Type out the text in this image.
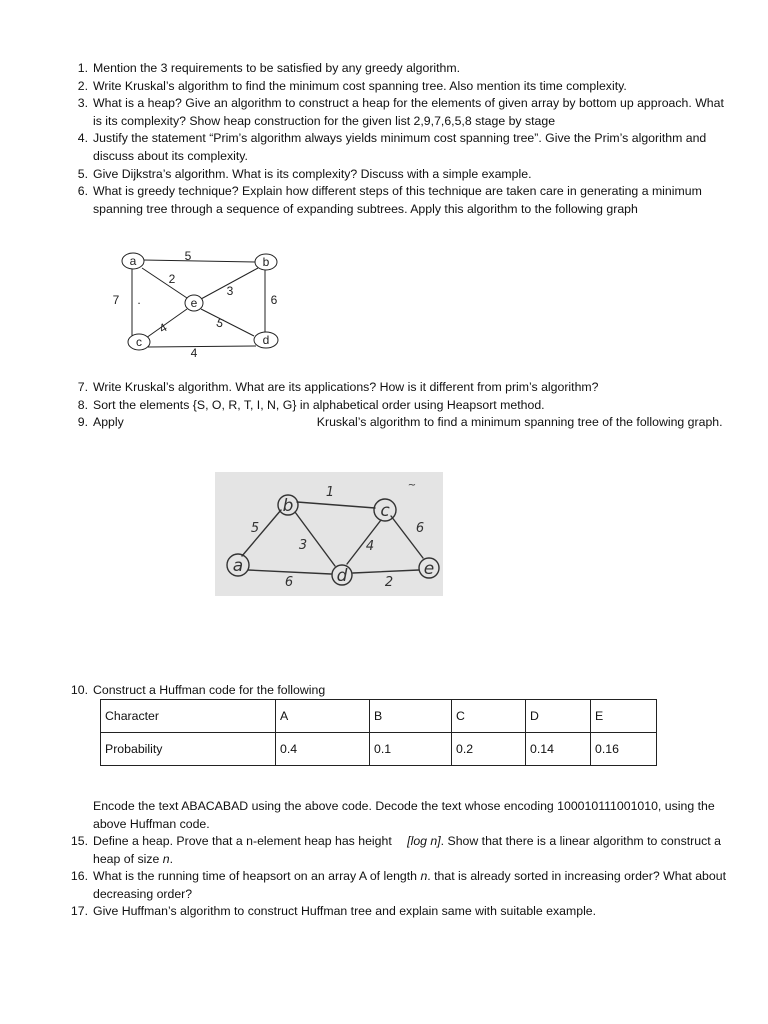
1. Mention the 3 requirements to be satisfied by any greedy algorithm.
2. Write Kruskal’s algorithm to find the minimum cost spanning tree. Also mention its time complexity.
3. What is a heap? Give an algorithm to construct a heap for the elements of given array by bottom up approach. What is its complexity? Show heap construction for the given list 2,9,7,6,5,8 stage by stage
4. Justify the statement “Prim’s algorithm always yields minimum cost spanning tree”. Give the Prim’s algorithm and discuss about its complexity.
5. Give Dijkstra’s algorithm. What is its complexity? Discuss with a simple example.
6. What is greedy technique? Explain how different steps of this technique are taken care in generating a minimum spanning tree through a sequence of expanding subtrees. Apply this algorithm to the following graph
a	b
e
c	d
5
2
3
7 .	6
4	5
4
7. Write Kruskal’s algorithm. What are its applications? How is it different from prim’s algorithm?
8. Sort the elements {S, O, R, T, I, N, G} in alphabetical order using Heapsort method.
9. Apply	Kruskal’s algorithm to find a minimum spanning tree of the following graph.
b	c
a	d	e
1
5
3	4
6
6	2
~
10. Construct a Huffman code for the following
Character	A	B	C	D	E
Probability	0.4	0.1	0.2	0.14	0.16
Encode the text ABACABAD using the above code. Decode the text whose encoding 100010111001010, using the above Huffman code.
15. Define a heap. Prove that a n-element heap has height [log n]. Show that there is a linear algorithm to construct a heap of size n.
16. What is the running time of heapsort on an array A of length n. that is already sorted in increasing order? What about decreasing order?
17. Give Huffman’s algorithm to construct Huffman tree and explain same with suitable example.
